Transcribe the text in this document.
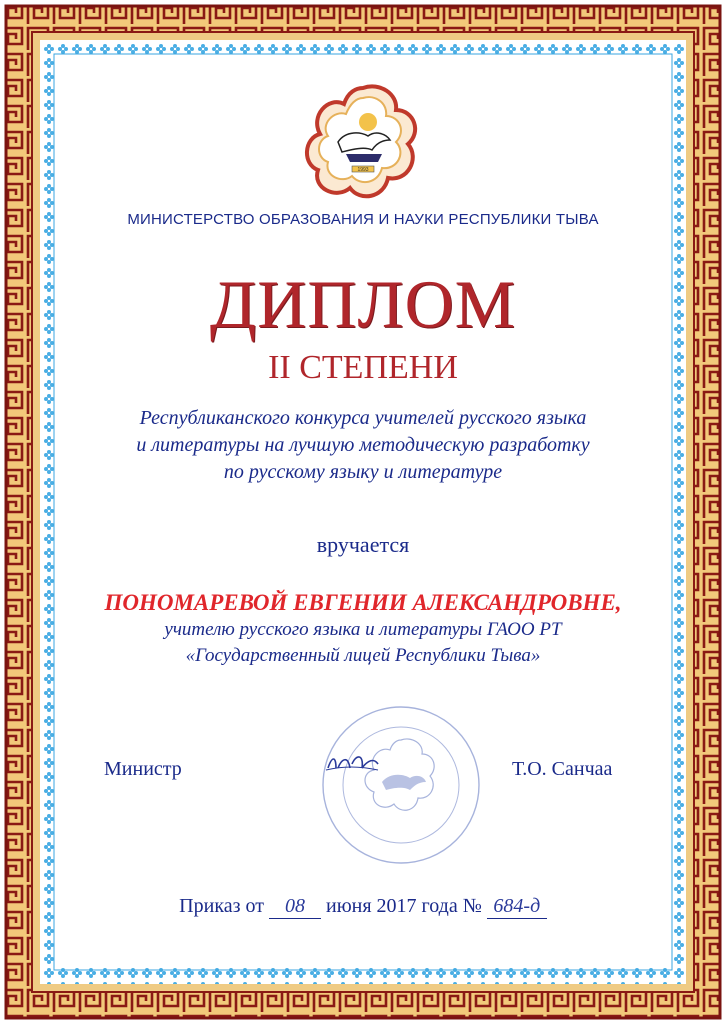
1993
МИНИСТЕРСТВО ОБРАЗОВАНИЯ И НАУКИ РЕСПУБЛИКИ ТЫВА
ДИПЛОМ
II СТЕПЕНИ
Республиканского конкурса учителей русского языка
и литературы на лучшую методическую разработку
по русскому языку и литературе
вручается
ПОНОМАРЕВОЙ ЕВГЕНИИ АЛЕКСАНДРОВНЕ,
учителю русского языка и литературы ГАОО РТ
«Государственный лицей Республики Тыва»
Министр	Т.О. Санчаа
Приказ от 08 июня 2017 года № 684-д
